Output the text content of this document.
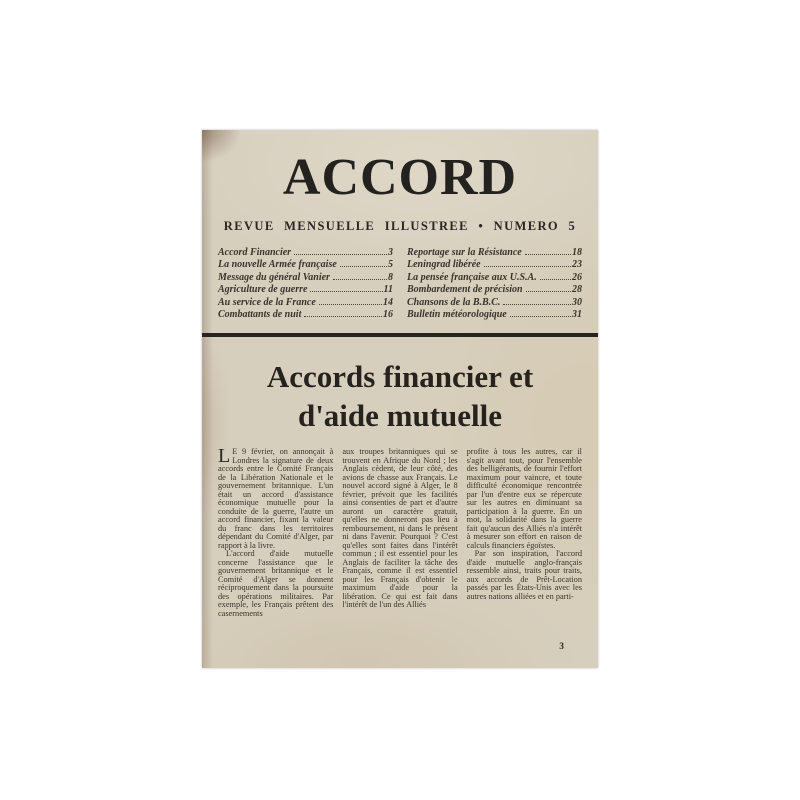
ACCORD
REVUE MENSUELLE ILLUSTREE • NUMERO 5
Accord Financier	3
La nouvelle Armée française	5
Message du général Vanier	8
Agriculture de guerre	11
Au service de la France	14
Combattants de nuit	16
Reportage sur la Résistance	18
Leningrad libérée	23
La pensée française aux U.S.A.	26
Bombardement de précision	28
Chansons de la B.B.C.	30
Bulletin météorologique	31
Accords financier et
d'aide mutuelle

L E 9 février, on annonçait à Londres la signature de deux accords entre le Comité Français de la Libération Nationale et le gouvernement britannique. L'un était un accord d'assistance économique mutuelle pour la conduite de la guerre, l'autre un accord financier, fixant la valeur du franc dans les territoires dépendant du Comité d'Alger, par rapport à la livre.

L'accord d'aide mutuelle concerne l'assistance que le gouvernement britannique et le Comité d'Alger se donnent réciproquement dans la poursuite des opérations militaires. Par exemple, les Français prêtent des casernements

aux troupes britanniques qui se trouvent en Afrique du Nord ; les Anglais cèdent, de leur côté, des avions de chasse aux Français. Le nouvel accord signé à Alger, le 8 février, prévoit que les facilités ainsi consenties de part et d'autre auront un caractère gratuit, qu'elles ne donneront pas lieu à remboursement, ni dans le présent ni dans l'avenir. Pourquoi ? C'est qu'elles sont faites dans l'intérêt commun ; il est essentiel pour les Anglais de faciliter la tâche des Français, comme il est essentiel pour les Français d'obtenir le maximum d'aide pour la libération. Ce qui est fait dans l'intérêt de l'un des Alliés

profite à tous les autres, car il s'agit avant tout, pour l'ensemble des belligérants, de fournir l'effort maximum pour vaincre, et toute difficulté économique rencontrée par l'un d'entre eux se répercute sur les autres en diminuant sa participation à la guerre. En un mot, la solidarité dans la guerre fait qu'aucun des Alliés n'a intérêt à mesurer son effort en raison de calculs financiers égoïstes.

Par son inspiration, l'accord d'aide mutuelle anglo-français ressemble ainsi, traits pour traits, aux accords de Prêt-Location passés par les États-Unis avec les autres nations alliées et en parti-

3
